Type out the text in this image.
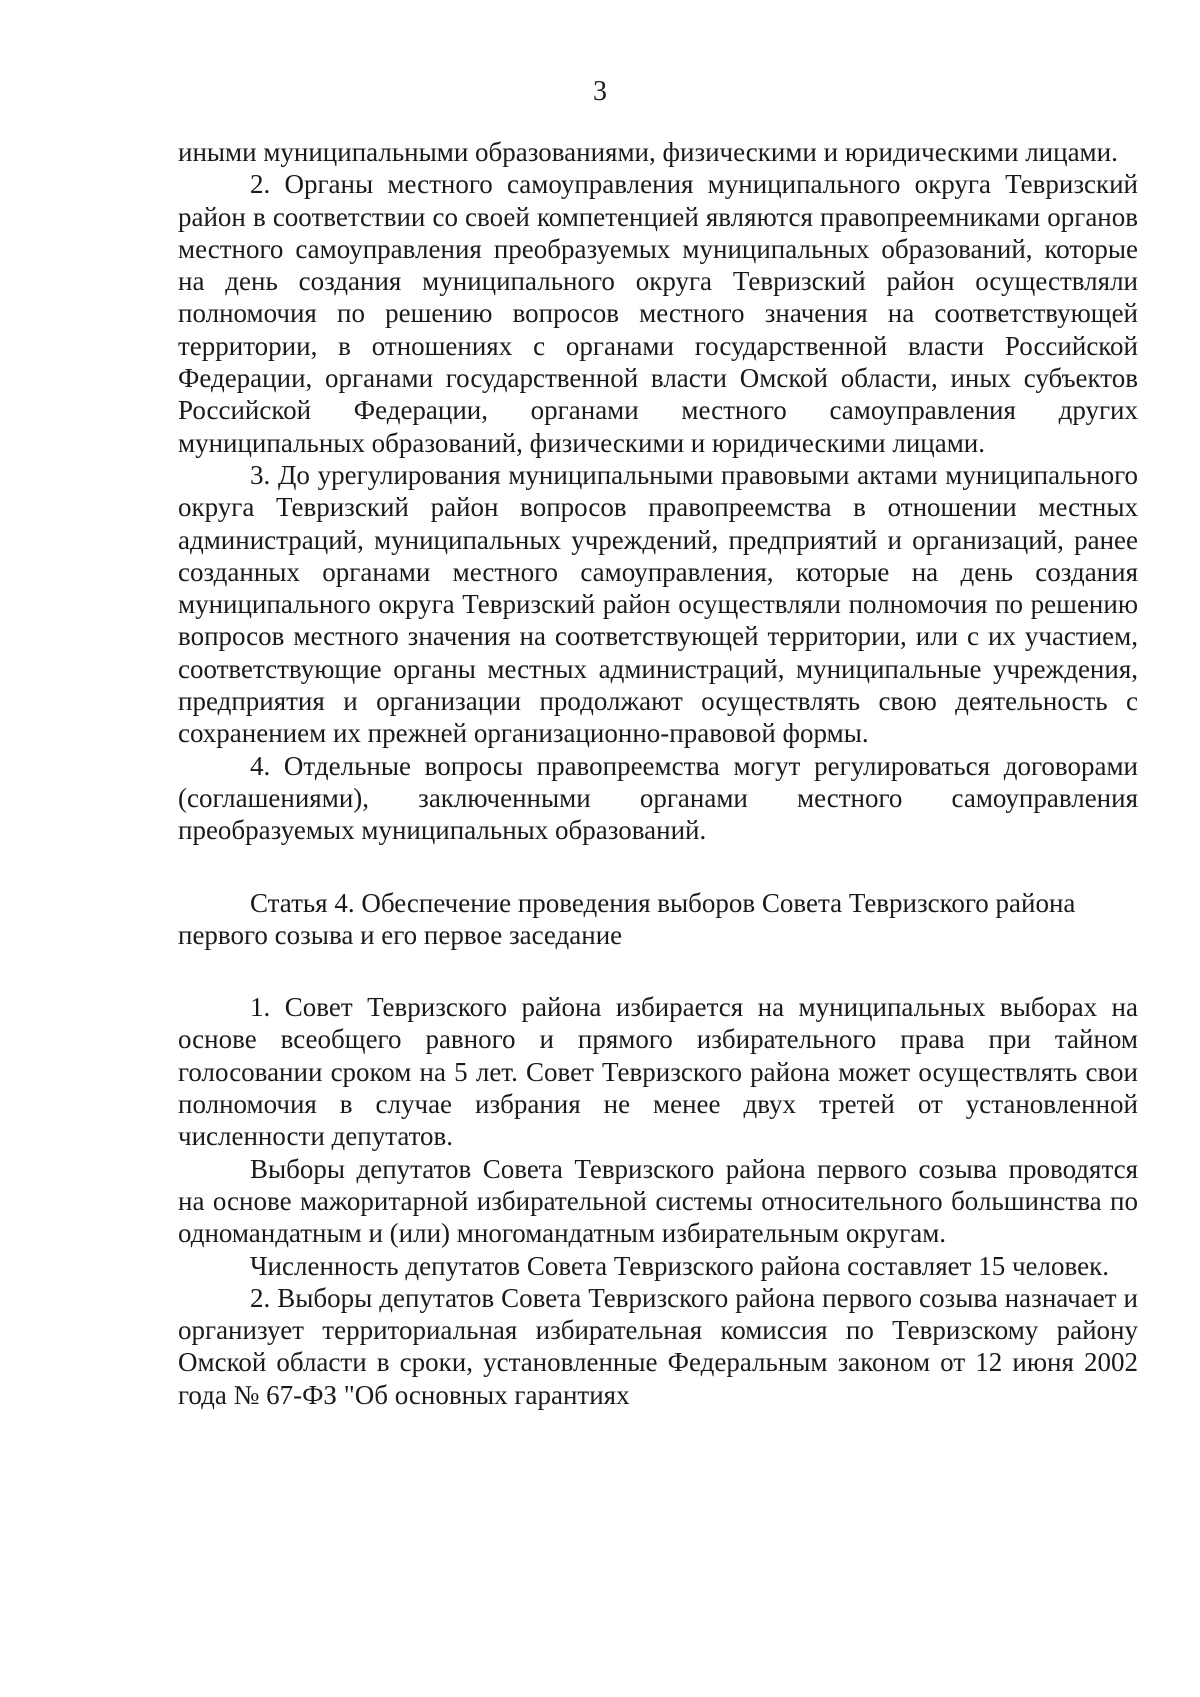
3

иными муниципальными образованиями, физическими и юридическими лицами.

2. Органы местного самоуправления муниципального округа Тевризский район в соответствии со своей компетенцией являются правопреемниками органов местного самоуправления преобразуемых муниципальных образований, которые на день создания муниципального округа Тевризский район осуществляли полномочия по решению вопросов местного значения на соответствующей территории, в отношениях с органами государственной власти Российской Федерации, органами государственной власти Омской области, иных субъектов Российской Федерации, органами местного самоуправления других муниципальных образований, физическими и юридическими лицами.

3. До урегулирования муниципальными правовыми актами муниципального округа Тевризский район вопросов правопреемства в отношении местных администраций, муниципальных учреждений, предприятий и организаций, ранее созданных органами местного самоуправления, которые на день создания муниципального округа Тевризский район осуществляли полномочия по решению вопросов местного значения на соответствующей территории, или с их участием, соответствующие органы местных администраций, муниципальные учреждения, предприятия и организации продолжают осуществлять свою деятельность с сохранением их прежней организационно-правовой формы.

4. Отдельные вопросы правопреемства могут регулироваться договорами (соглашениями), заключенными органами местного самоуправления преобразуемых муниципальных образований.

Статья 4. Обеспечение проведения выборов Совета Тевризского района первого созыва и его первое заседание

1. Совет Тевризского района избирается на муниципальных выборах на основе всеобщего равного и прямого избирательного права при тайном голосовании сроком на 5 лет. Совет Тевризского района может осуществлять свои полномочия в случае избрания не менее двух третей от установленной численности депутатов.

Выборы депутатов Совета Тевризского района первого созыва проводятся на основе мажоритарной избирательной системы относительного большинства по одномандатным и (или) многомандатным избирательным округам.

Численность депутатов Совета Тевризского района составляет 15 человек.

2. Выборы депутатов Совета Тевризского района первого созыва назначает и организует территориальная избирательная комиссия по Тевризскому району Омской области в сроки, установленные Федеральным законом от 12 июня 2002 года № 67-ФЗ "Об основных гарантиях
